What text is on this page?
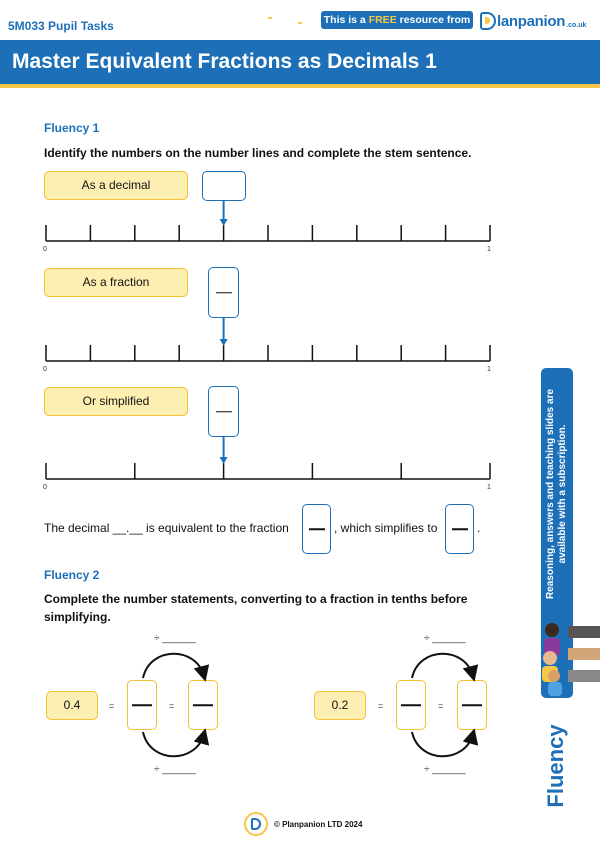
5M033 Pupil Tasks	This is a FREE resource from lanpanion .co.uk
Master Equivalent Fractions as Decimals 1
Fluency 1
Identify the numbers on the number lines and complete the stem sentence.
As a decimal
As a fraction
Or simplified
0	1
0	1
0	1
The decimal __.__ is equivalent to the fraction	, which simplifies to	.
Fluency 2
Complete the number statements, converting to a fraction in tenths before
simplifying.
÷ ______
0.4	=	=
÷ ______
÷ ______
0.2	=	=
÷ ______
Reasoning, answers and teaching slides are available with a subscription.
Fluency
© Planpanion LTD 2024
